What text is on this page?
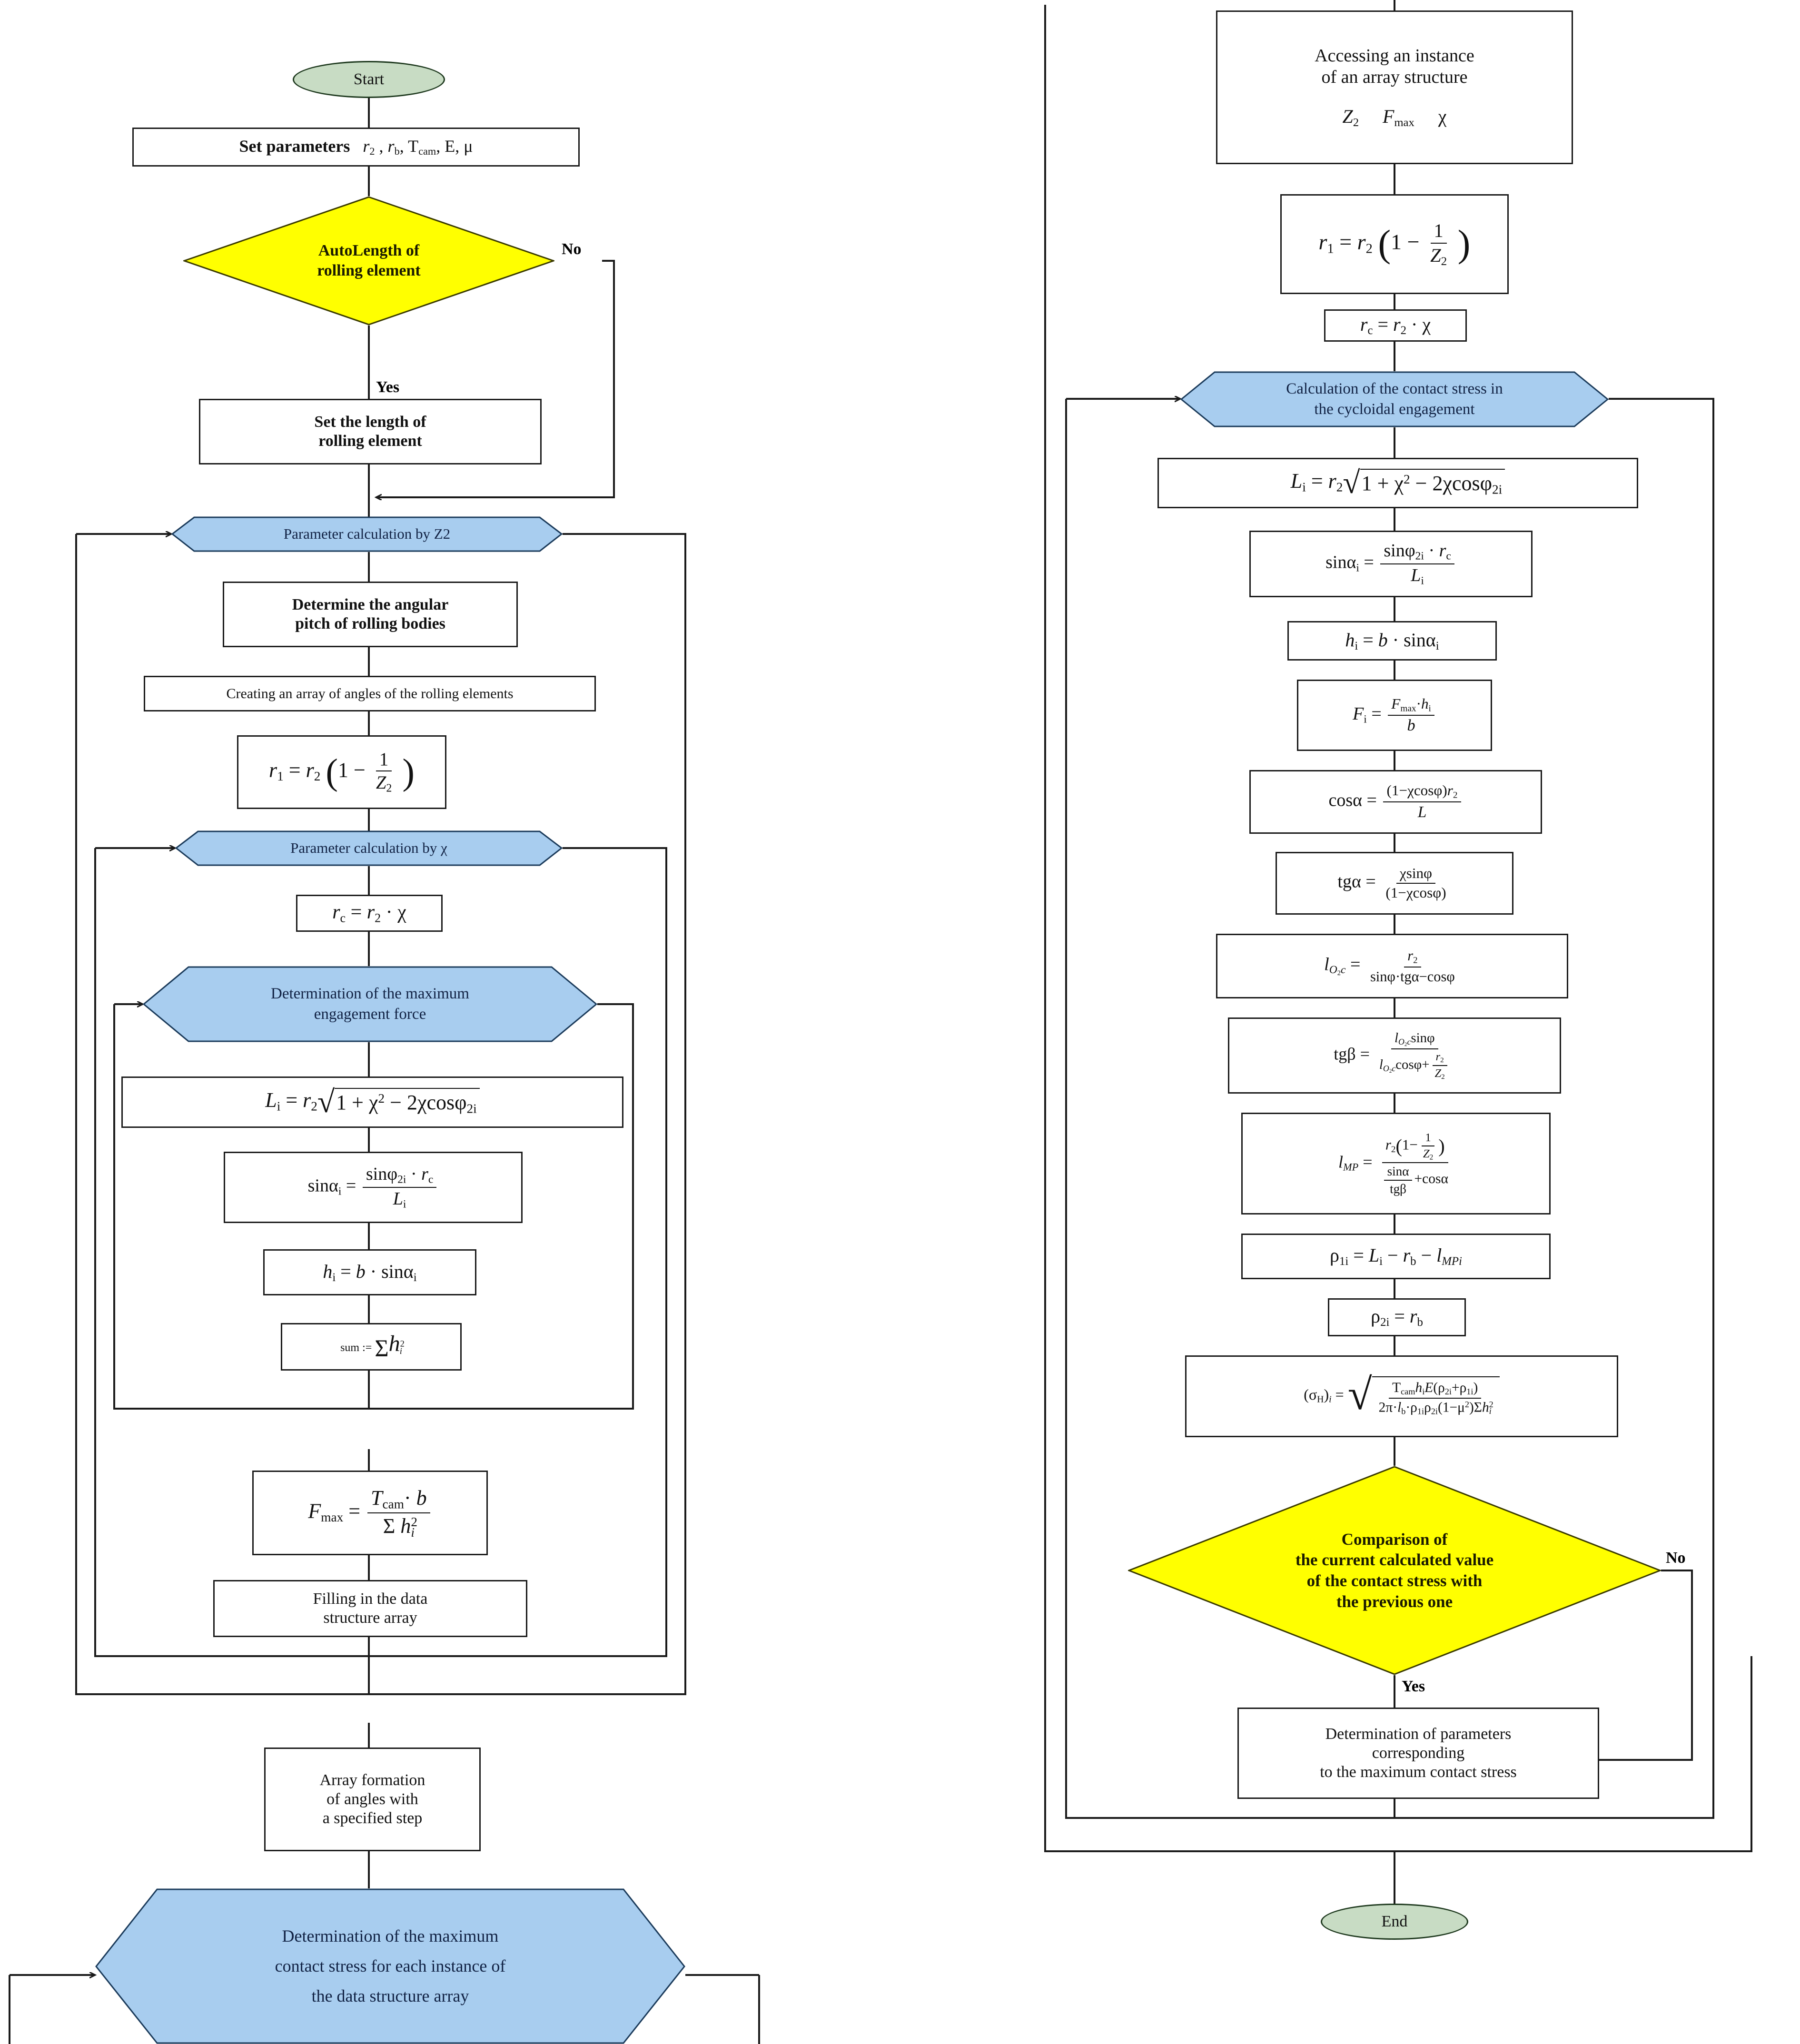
Start
Set parameters $r_2$ , $r_b$, $T_{cam}$, E, μ
AutoLength of
rolling element
No
Yes
Set the length of
rolling element
Parameter calculation by Z2
Determine the angular
pitch of rolling bodies
Creating an array of angles of the rolling elements
$r_1 = r_2$ ($1 - \frac{1}{Z_2}$ )
Parameter calculation by χ
$r_c = r_2 \cdot \chi$
Determination of the maximum
engagement force
$L_i = r_2$ √ $1 + \chi^2 - 2\chi\cos\varphi_{2i}$
$\sin\alpha_i = \frac{\sin\varphi_{2i} \cdot r_c}{L_i}$
$h_i = b \cdot \sin\alpha_i$
sum := $\Sigma h^2_i$
$F_{max} = \frac{T_{cam}\cdot b}{\Sigma h^2_i}$
Filling in the data
structure array
Array formation
of angles with
a specified step
Determination of the maximum
contact stress for each instance of
the data structure array
Accessing an instance
of an array structure
$Z_2$ $F_{max}$     χ
$r_1 = r_2$ ($1 - \frac{1}{Z_2}$ )
$r_c = r_2 \cdot \chi$
Calculation of the contact stress in
the cycloidal engagement
$L_i = r_2$ √ $1 + \chi^2 - 2\chi\cos\varphi_{2i}$
$\sin\alpha_i = \frac{\sin\varphi_{2i} \cdot r_c}{L_i}$
$h_i = b \cdot \sin\alpha_i$
$F_i = \frac{F_{max}\cdot h_i}{b}$
$\cos\alpha = \frac{(1-\chi\cos\varphi)r_2}{L}$
$tg\alpha = \frac{\chi\sin\varphi}{(1-\chi\cos\varphi)}$
$l_{O_2c} = \frac{r_2}{\text{sinφ·tgα−cosφ}}$
$tg\beta = \frac{l_{O_2c}\sin\varphi}{l_{O_2c}\cos\varphi+ \frac{r_2}{Z_2}}$
$l_{MP} = \frac{r_2(1- \frac{1}{Z_2} )}{\frac{\sin\alpha}{\text{tgβ}} +\cos\alpha}$
$\rho_{1i} = L_i - r_b - l_{MPi}$
$\rho_{2i} = r_b$
$(\sigma_H)_i$ = √ $\frac{T_{cam}h_iE(\rho_{2i}+\rho_{1i})}{2\pi\cdot l_b\cdot\rho_{1i}\rho_{2i}(1-\mu^2)\Sigma h^2_i}$
Comparison of
the current calculated value
of the contact stress with
the previous one
No
Yes
Determination of parameters
corresponding
to the maximum contact stress
End
